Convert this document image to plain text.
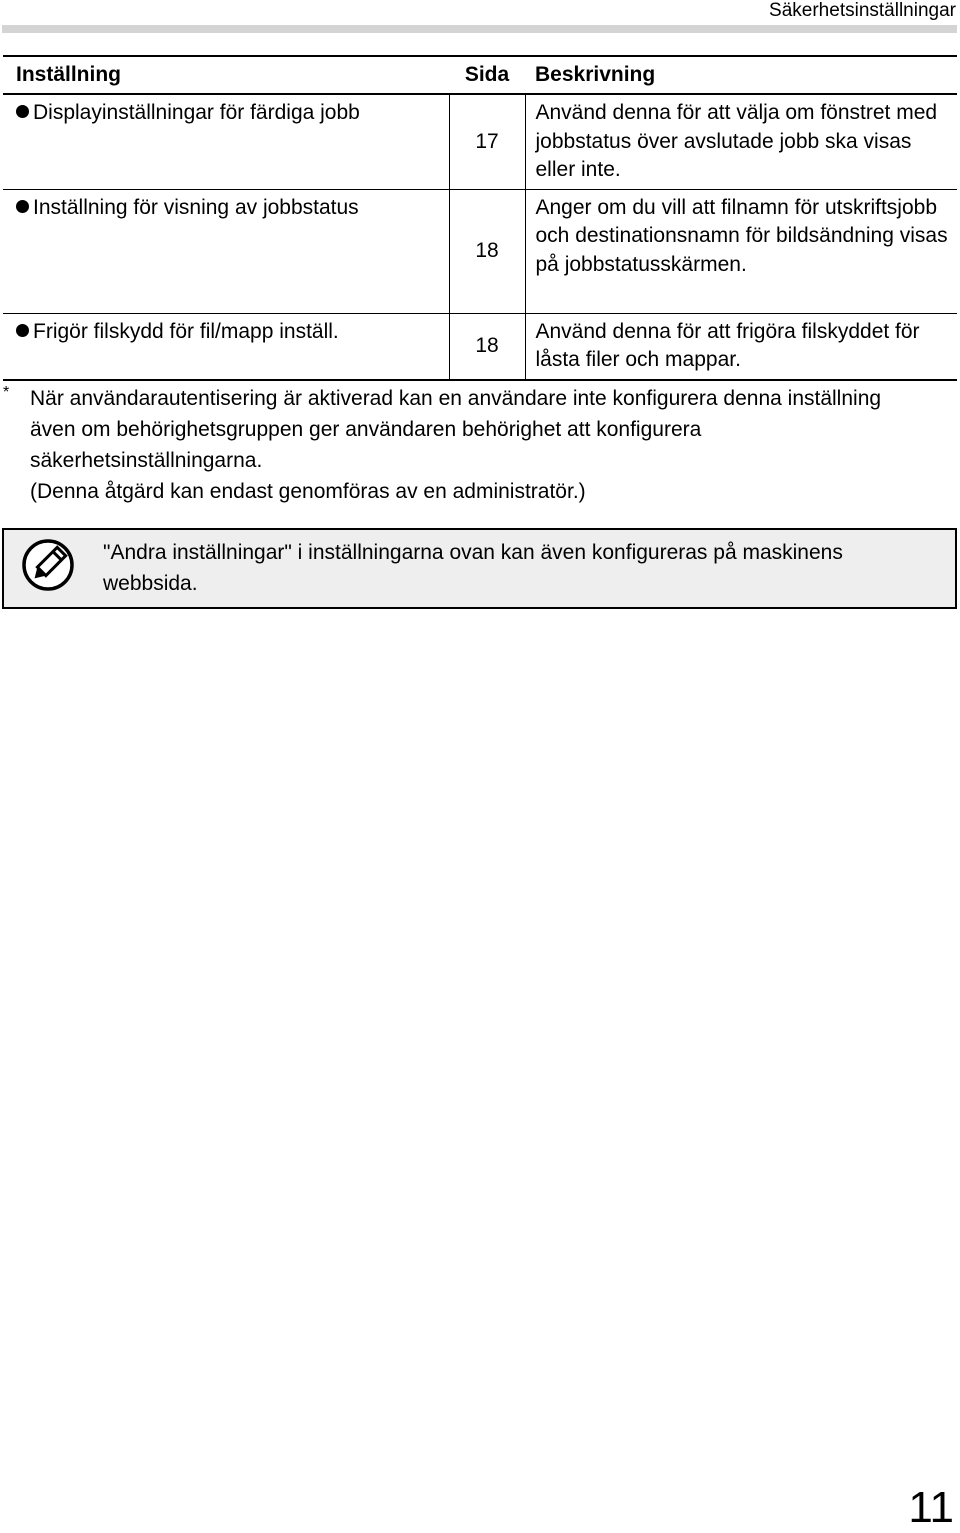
Säkerhetsinställningar
Inställning	Sida	Beskrivning
Displayinställningar för färdiga jobb	17	Använd denna för att välja om fönstret med jobbstatus över avslutade jobb ska visas eller inte.
Inställning för visning av jobbstatus	18	Anger om du vill att filnamn för utskriftsjobb och destinationsnamn för bildsändning visas på jobbstatusskärmen.
Frigör filskydd för fil/mapp inställ.	18	Använd denna för att frigöra filskyddet för låsta filer och mappar.
* När användarautentisering är aktiverad kan en användare inte konfigurera denna inställning även om behörighetsgruppen ger användaren behörighet att konfigurera säkerhetsinställningarna.
(Denna åtgärd kan endast genomföras av en administratör.)
"Andra inställningar" i inställningarna ovan kan även konfigureras på maskinens webbsida.
11
